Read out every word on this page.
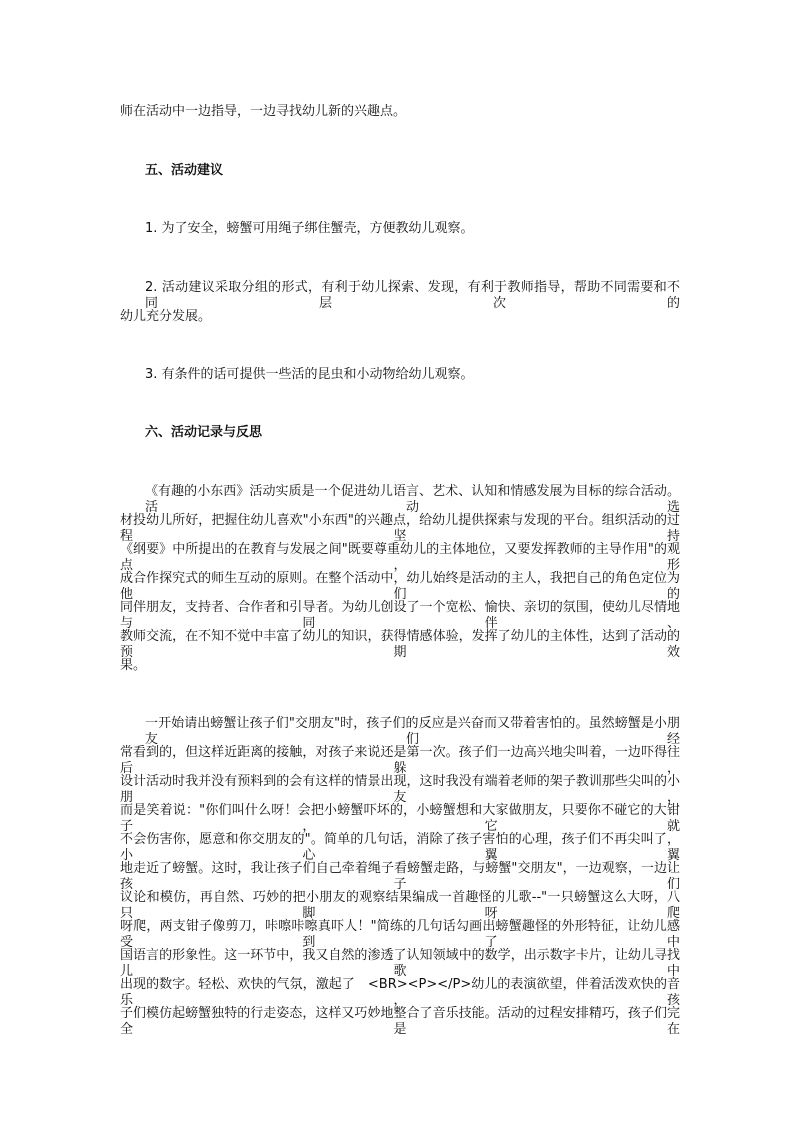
师在活动中一边指导，一边寻找幼儿新的兴趣点。
五、活动建议
1. 为了安全，螃蟹可用绳子绑住蟹壳，方便教幼儿观察。
2. 活动建议采取分组的形式，有利于幼儿探索、发现，有利于教师指导，帮助不同需要和不同层次的
幼儿充分发展。
3. 有条件的话可提供一些活的昆虫和小动物给幼儿观察。
六、活动记录与反思
《有趣的小东西》活动实质是一个促进幼儿语言、艺术、认知和情感发展为目标的综合活动。活动选
材投幼儿所好，把握住幼儿喜欢"小东西"的兴趣点，给幼儿提供探索与发现的平台。组织活动的过程坚持
《纲要》中所提出的在教育与发展之间"既要尊重幼儿的主体地位，又要发挥教师的主导作用"的观点，形
成合作探究式的师生互动的原则。在整个活动中，幼儿始终是活动的主人，我把自己的角色定位为他们的
同伴朋友，支持者、合作者和引导者。为幼儿创设了一个宽松、愉快、亲切的氛围，使幼儿尽情地与同伴、
教师交流，在不知不觉中丰富了幼儿的知识，获得情感体验，发挥了幼儿的主体性，达到了活动的预期效
果。
一开始请出螃蟹让孩子们"交朋友"时，孩子们的反应是兴奋而又带着害怕的。虽然螃蟹是小朋友们经
常看到的，但这样近距离的接触，对孩子来说还是第一次。孩子们一边高兴地尖叫着，一边吓得往后躲，
设计活动时我并没有预料到的会有这样的情景出现，这时我没有端着老师的架子教训那些尖叫的小朋友，
而是笑着说："你们叫什么呀！会把小螃蟹吓坏的，小螃蟹想和大家做朋友，只要你不碰它的大钳子，它就
不会伤害你，愿意和你交朋友的"。简单的几句话，消除了孩子害怕的心理，孩子们不再尖叫了，小心翼翼
地走近了螃蟹。这时，我让孩子们自己牵着绳子看螃蟹走路，与螃蟹"交朋友"，一边观察，一边让孩子们
议论和模仿，再自然、巧妙的把小朋友的观察结果编成一首趣怪的儿歌--"一只螃蟹这么大呀，八只脚呀爬
呀爬，两支钳子像剪刀，咔嚓咔嚓真吓人！"简练的几句话勾画出螃蟹趣怪的外形特征，让幼儿感受到了中
国语言的形象性。这一环节中，我又自然的渗透了认知领域中的数学，出示数字卡片，让幼儿寻找儿歌中
出现的数字。轻松、欢快的气氛，激起了　<BR><P></P>幼儿的表演欲望，伴着活泼欢快的音乐，孩
子们模仿起螃蟹独特的行走姿态，这样又巧妙地整合了音乐技能。活动的过程安排精巧，孩子们完全是在
